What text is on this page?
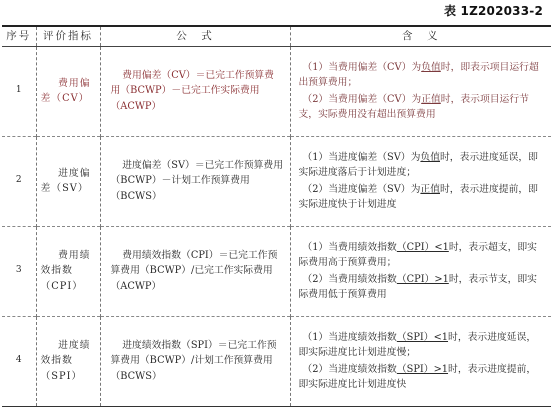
表 1Z202033-2
序号	评价指标	公　式	含　义
1	费用偏差（CV）	费用偏差（CV）＝已完工作预算费用（BCWP）－已完工作实际费用（ACWP）	（1）当费用偏差（CV）为负值时，即表示项目运行超出预算费用；
（2）当费用偏差（CV）为正值时，表示项目运行节支，实际费用没有超出预算费用

2	进度偏差（SV）	进度偏差（SV）＝已完工作预算费用（BCWP）－计划工作预算费用（BCWS）	（1）当进度偏差（SV）为负值时，表示进度延误，即实际进度落后于计划进度；
（2）当进度偏差（SV）为正值时，表示进度提前，即实际进度快于计划进度

3	费用绩效指数（CPI）	费用绩效指数（CPI）＝已完工作预算费用（BCWP）/已完工作实际费用（ACWP）	（1）当费用绩效指数（CPI）<1时，表示超支，即实际费用高于预算费用；
（2）当费用绩效指数（CPI）>1时，表示节支，即实际费用低于预算费用

4	进度绩效指数（SPI）	进度绩效指数（SPI）＝已完工作预算费用（BCWP）/计划工作预算费用（BCWS）	（1）当进度绩效指数（SPI）<1时，表示进度延误，即实际进度比计划进度慢；
（2）当进度绩效指数（SPI）>1时，表示进度提前，即实际进度比计划进度快
